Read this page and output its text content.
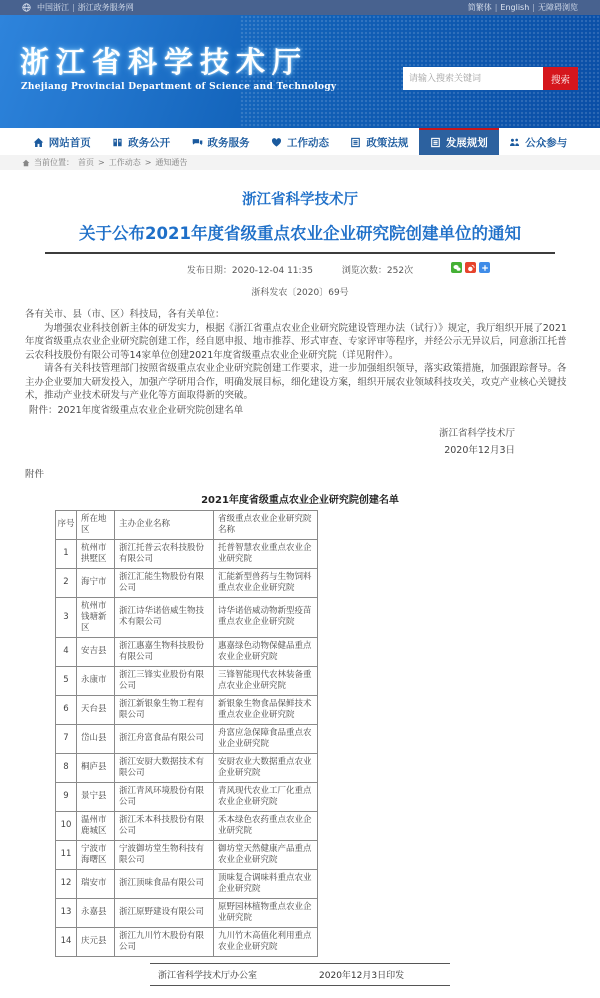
中国浙江 | 浙江政务服务网	简繁体 | English | 无障碍浏览
浙江省科学技术厅
Zhejiang Provincial Department of Science and Technology
请输入搜索关键词
搜索
网站首页	政务公开	政务服务	工作动态	政策法规	发展规划	公众参与
当前位置： 首页 > 工作动态 > 通知通告
浙江省科学技术厅
关于公布2021年度省级重点农业企业研究院创建单位的通知
发布日期：2020-12-04 11:35	浏览次数：252次
浙科发农〔2020〕69号

各有关市、县（市、区）科技局，各有关单位：

为增强农业科技创新主体的研发实力，根据《浙江省重点农业企业研究院建设管理办法（试行）》规定，我厅组织开展了2021年度省级重点农业企业研究院创建工作，经自愿申报、地市推荐、形式审查、专家评审等程序，并经公示无异议后，同意浙江托普云农科技股份有限公司等14家单位创建2021年度省级重点农业企业研究院（详见附件）。

请各有关科技管理部门按照省级重点农业企业研究院创建工作要求，进一步加强组织领导，落实政策措施，加强跟踪督导。各主办企业要加大研发投入，加强产学研用合作，明确发展目标，细化建设方案，组织开展农业领域科技攻关，攻克产业核心关键技术，推动产业技术研发与产业化等方面取得新的突破。

附件：2021年度省级重点农业企业研究院创建名单

浙江省科学技术厅
2020年12月3日

附件

2021年度省级重点农业企业研究院创建名单
序号	所在地区	主办企业名称	省级重点农业企业研究院名称
1	杭州市拱墅区	浙江托普云农科技股份有限公司	托普智慧农业重点农业企业研究院
2	海宁市	浙江汇能生物股份有限公司	汇能新型兽药与生物饲料重点农业企业研究院
3	杭州市钱塘新区	浙江诗华诺倍威生物技术有限公司	诗华诺倍威动物新型疫苗重点农业企业研究院
4	安吉县	浙江惠嘉生物科技股份有限公司	惠嘉绿色动物保健品重点农业企业研究院
5	永康市	浙江三锋实业股份有限公司	三锋智能现代农林装备重点农业企业研究院
6	天台县	浙江新银象生物工程有限公司	新银象生物食品保鲜技术重点农业企业研究院
7	岱山县	浙江舟富食品有限公司	舟富应急保障食品重点农业企业研究院
8	桐庐县	浙江安厨大数据技术有限公司	安厨农业大数据重点农业企业研究院
9	景宁县	浙江青风环境股份有限公司	青风现代农业工厂化重点农业企业研究院
10	温州市鹿城区	浙江禾本科技股份有限公司	禾本绿色农药重点农业企业研究院
11	宁波市海曙区	宁波御坊堂生物科技有限公司	御坊堂天然健康产品重点农业企业研究院
12	瑞安市	浙江顶味食品有限公司	顶味复合调味料重点农业企业研究院
13	永嘉县	浙江原野建设有限公司	原野园林植物重点农业企业研究院
14	庆元县	浙江九川竹木股份有限公司	九川竹木高值化利用重点农业企业研究院
浙江省科学技术厅办公室	2020年12月3日印发
